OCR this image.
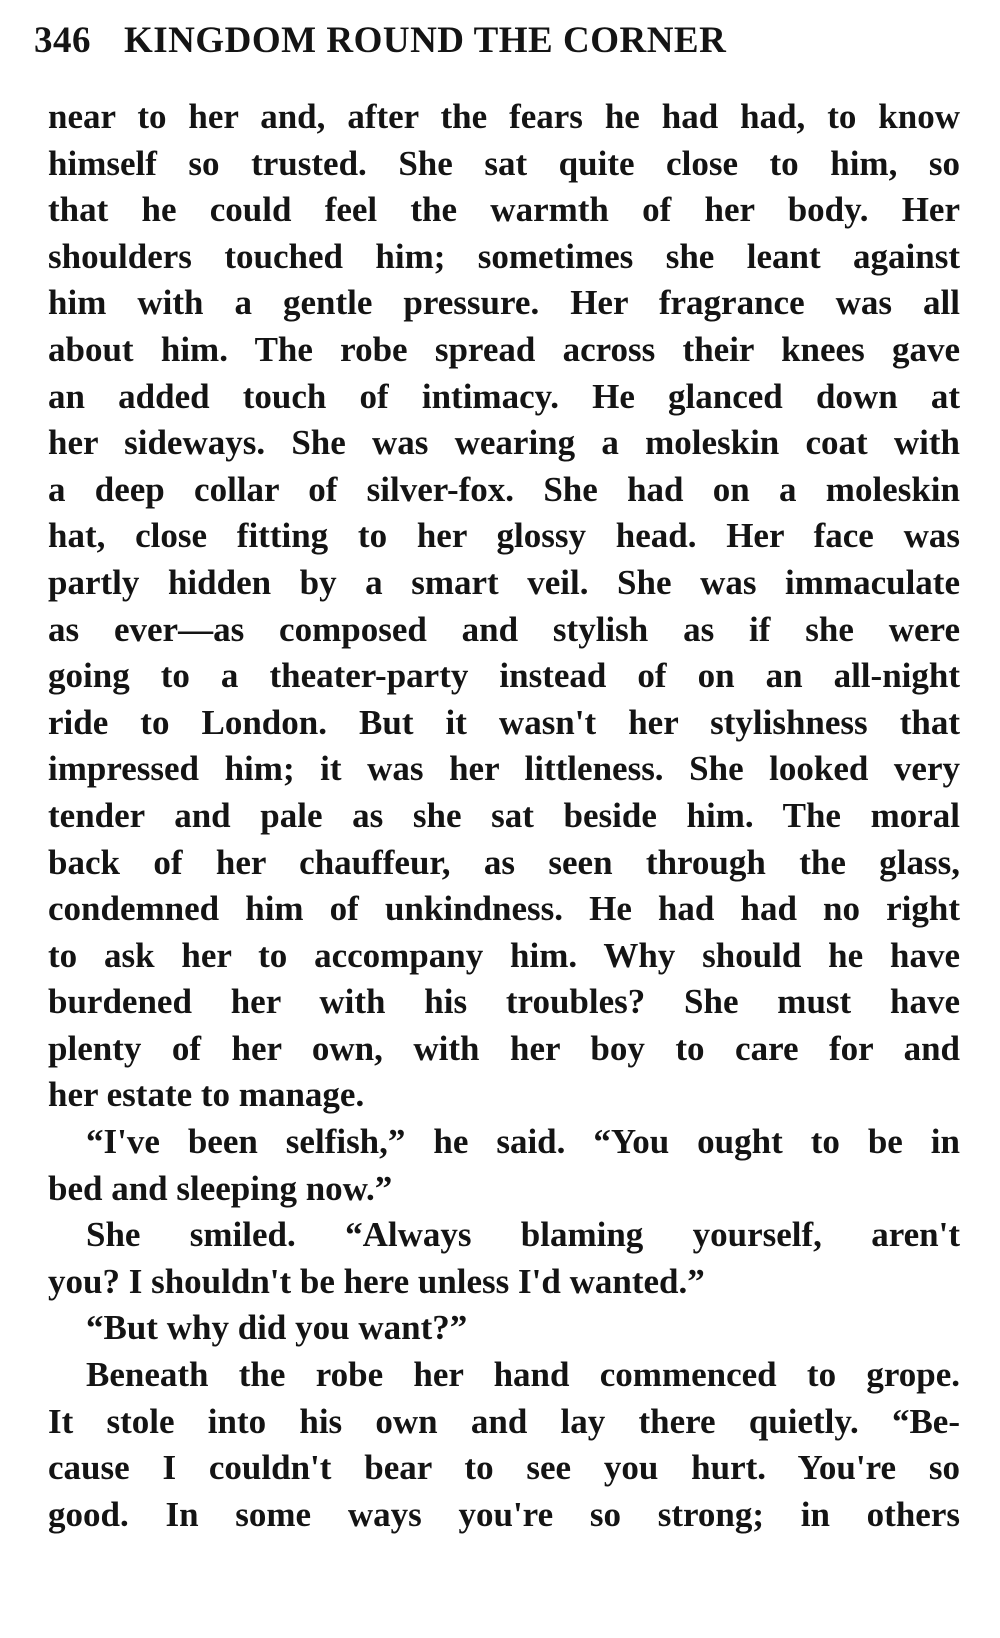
346 KINGDOM ROUND THE CORNER
near to her and, after the fears he had had, to know
himself so trusted. She sat quite close to him, so
that he could feel the warmth of her body. Her
shoulders touched him; sometimes she leant against
him with a gentle pressure. Her fragrance was all
about him. The robe spread across their knees gave
an added touch of intimacy. He glanced down at
her sideways. She was wearing a moleskin coat with
a deep collar of silver-fox. She had on a moleskin
hat, close fitting to her glossy head. Her face was
partly hidden by a smart veil. She was immaculate
as ever—as composed and stylish as if she were
going to a theater-party instead of on an all-night
ride to London. But it wasn't her stylishness that
impressed him; it was her littleness. She looked very
tender and pale as she sat beside him. The moral
back of her chauffeur, as seen through the glass,
condemned him of unkindness. He had had no right
to ask her to accompany him. Why should he have
burdened her with his troubles? She must have
plenty of her own, with her boy to care for and
her estate to manage.
“I've been selfish,” he said. “You ought to be in
bed and sleeping now.”
She smiled. “Always blaming yourself, aren't
you? I shouldn't be here unless I'd wanted.”
“But why did you want?”
Beneath the robe her hand commenced to grope.
It stole into his own and lay there quietly. “Be-
cause I couldn't bear to see you hurt. You're so
good. In some ways you're so strong; in others
